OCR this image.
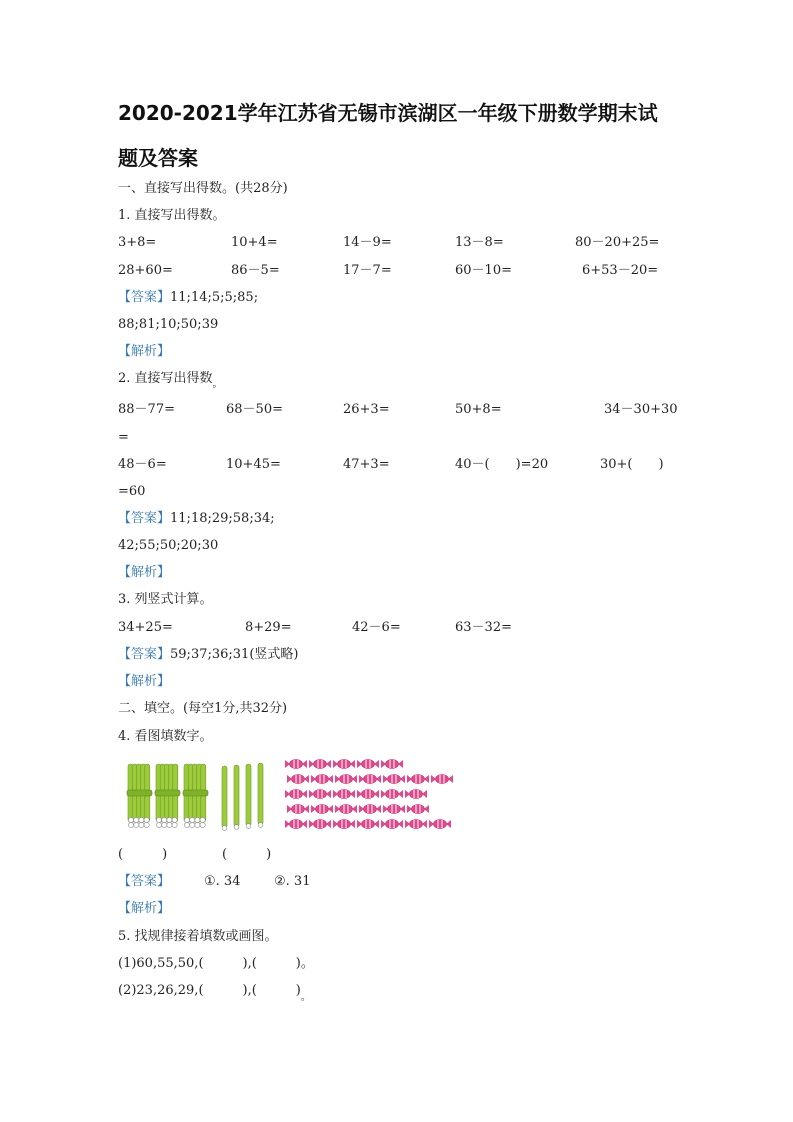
2020-2021学年江苏省无锡市滨湖区一年级下册数学期末试
题及答案
一、直接写出得数。(共28分)
1. 直接写出得数。
3+8=	10+4=	14－9=	13－8=	80－20+25=
28+60=	86－5=	17－7=	60－10=	6+53－20=
【答案】11;14;5;5;85;
88;81;10;50;39
【解析】
2. 直接写出得数$_。$
88－77=	68－50=	26+3=	50+8=	34－30+30
=
48－6=	10+45=	47+3=	40－(　　)=20	30+(　　)
=60
【答案】11;18;29;58;34;
42;55;50;20;30
【解析】
3. 列竖式计算。
34+25=	8+29=	42－6=	63－32=
【答案】59;37;36;31(竖式略)
【解析】
二、填空。(每空1分,共32分)
4. 看图填数字。
(　　　)	(　　　)
【答案】	①. 34	②. 31
【解析】
5. 找规律接着填数或画图。
(1)60,55,50,(　　　),(　　　)。
(2)23,26,29,(　　　),(　　　)$_。$
